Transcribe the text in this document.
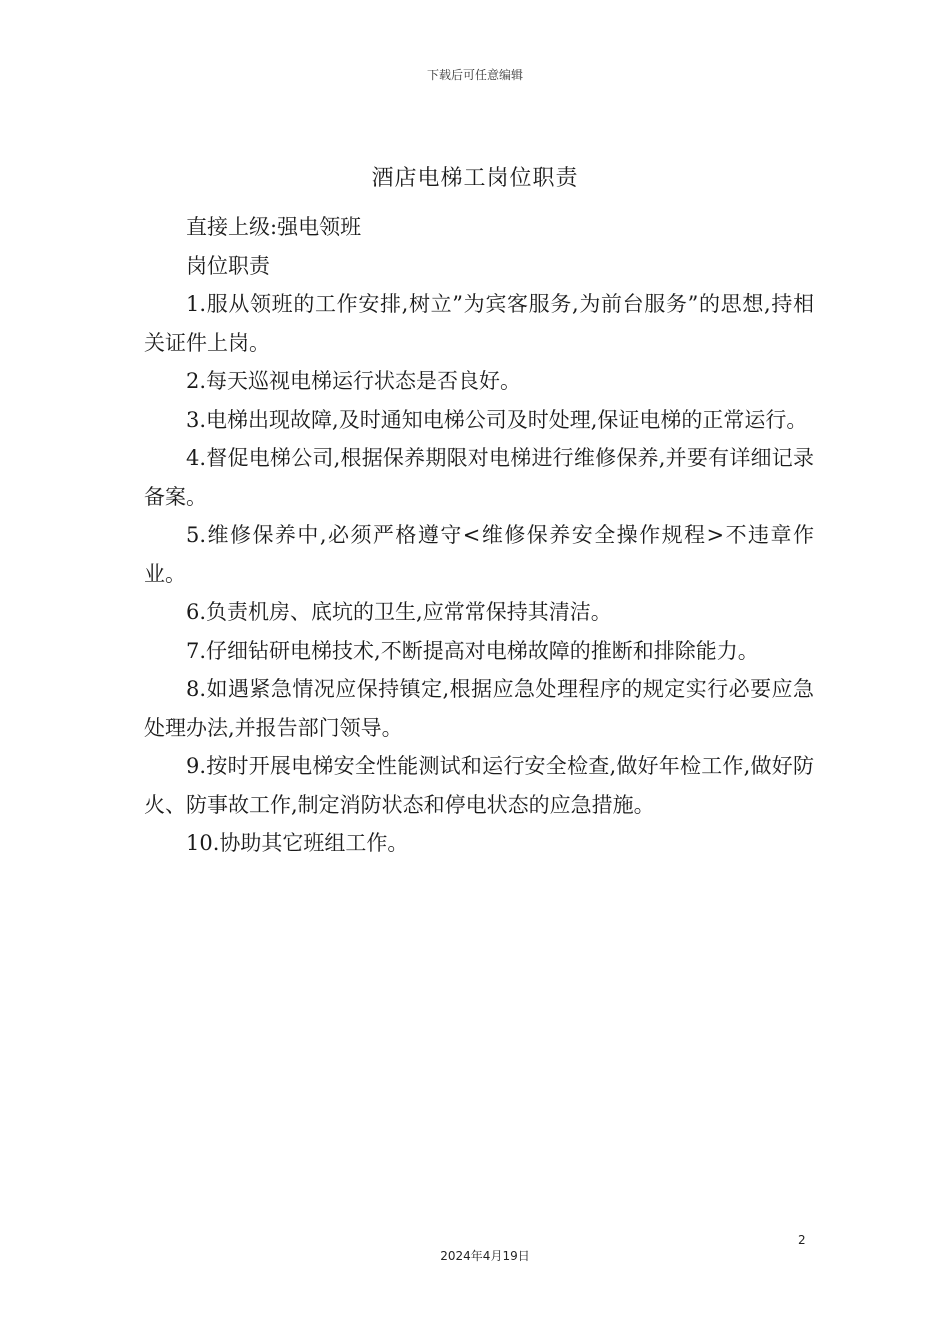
下载后可任意编辑
酒店电梯工岗位职责

直接上级:强电领班

岗位职责

1.服从领班的工作安排,树立”为宾客服务,为前台服务”的思想,持相关证件上岗。

2.每天巡视电梯运行状态是否良好。

3.电梯出现故障,及时通知电梯公司及时处理,保证电梯的正常运行。

4.督促电梯公司,根据保养期限对电梯进行维修保养,并要有详细记录备案。

5.维修保养中,必须严格遵守<维修保养安全操作规程>不违章作业。

6.负责机房、底坑的卫生,应常常保持其清洁。

7.仔细钻研电梯技术,不断提高对电梯故障的推断和排除能力。

8.如遇紧急情况应保持镇定,根据应急处理程序的规定实行必要应急处理办法,并报告部门领导。

9.按时开展电梯安全性能测试和运行安全检查,做好年检工作,做好防火、防事故工作,制定消防状态和停电状态的应急措施。

10.协助其它班组工作。

2
2024年4月19日
